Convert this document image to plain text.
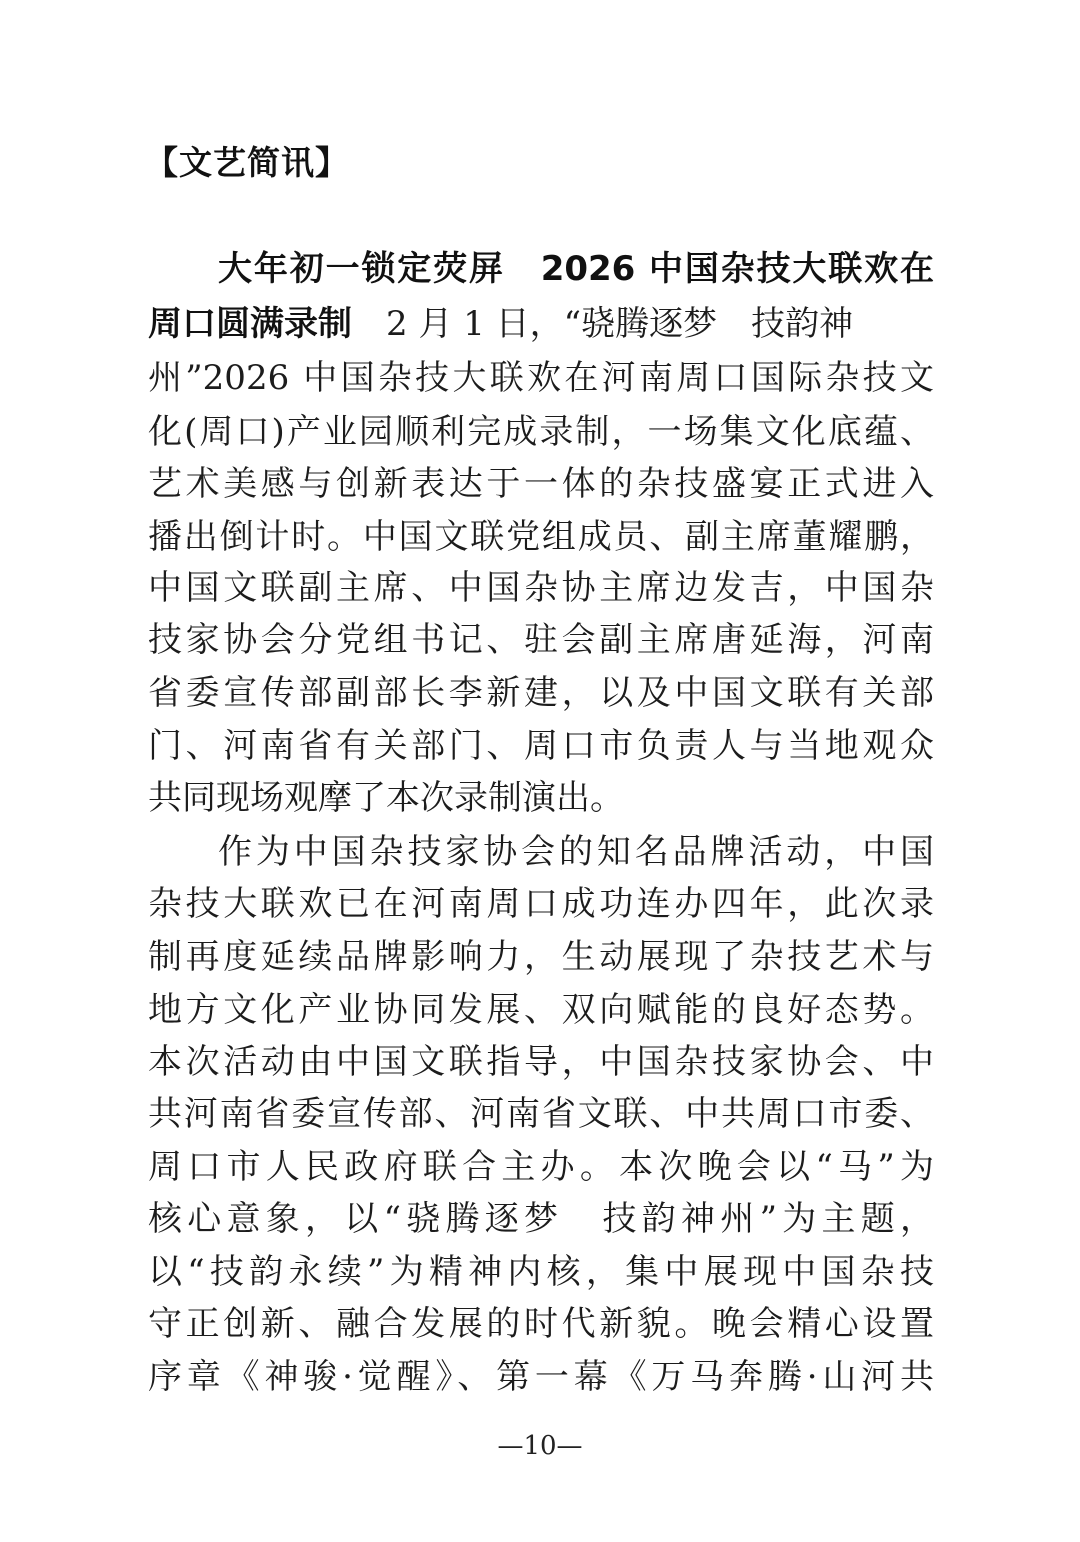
【文艺简讯】
大年初一锁定荧屏　2026 中国杂技大联欢在
周口圆满录制　2 月 1 日，“骁腾逐梦　技韵神
州”2026 中国杂技大联欢在河南周口国际杂技文
化(周口)产业园顺利完成录制，一场集文化底蕴、
艺术美感与创新表达于一体的杂技盛宴正式进入
播出倒计时。中国文联党组成员、副主席董耀鹏，
中国文联副主席、中国杂协主席边发吉，中国杂
技家协会分党组书记、驻会副主席唐延海，河南
省委宣传部副部长李新建，以及中国文联有关部
门、河南省有关部门、周口市负责人与当地观众
共同现场观摩了本次录制演出。
作为中国杂技家协会的知名品牌活动，中国
杂技大联欢已在河南周口成功连办四年，此次录
制再度延续品牌影响力，生动展现了杂技艺术与
地方文化产业协同发展、双向赋能的良好态势。
本次活动由中国文联指导，中国杂技家协会、中
共河南省委宣传部、河南省文联、中共周口市委、
周口市人民政府联合主办。本次晚会以“马”为
核心意象，以“骁腾逐梦　技韵神州”为主题，
以“技韵永续”为精神内核，集中展现中国杂技
守正创新、融合发展的时代新貌。晚会精心设置
序章《神骏·觉醒》、第一幕《万马奔腾·山河共
—10—
